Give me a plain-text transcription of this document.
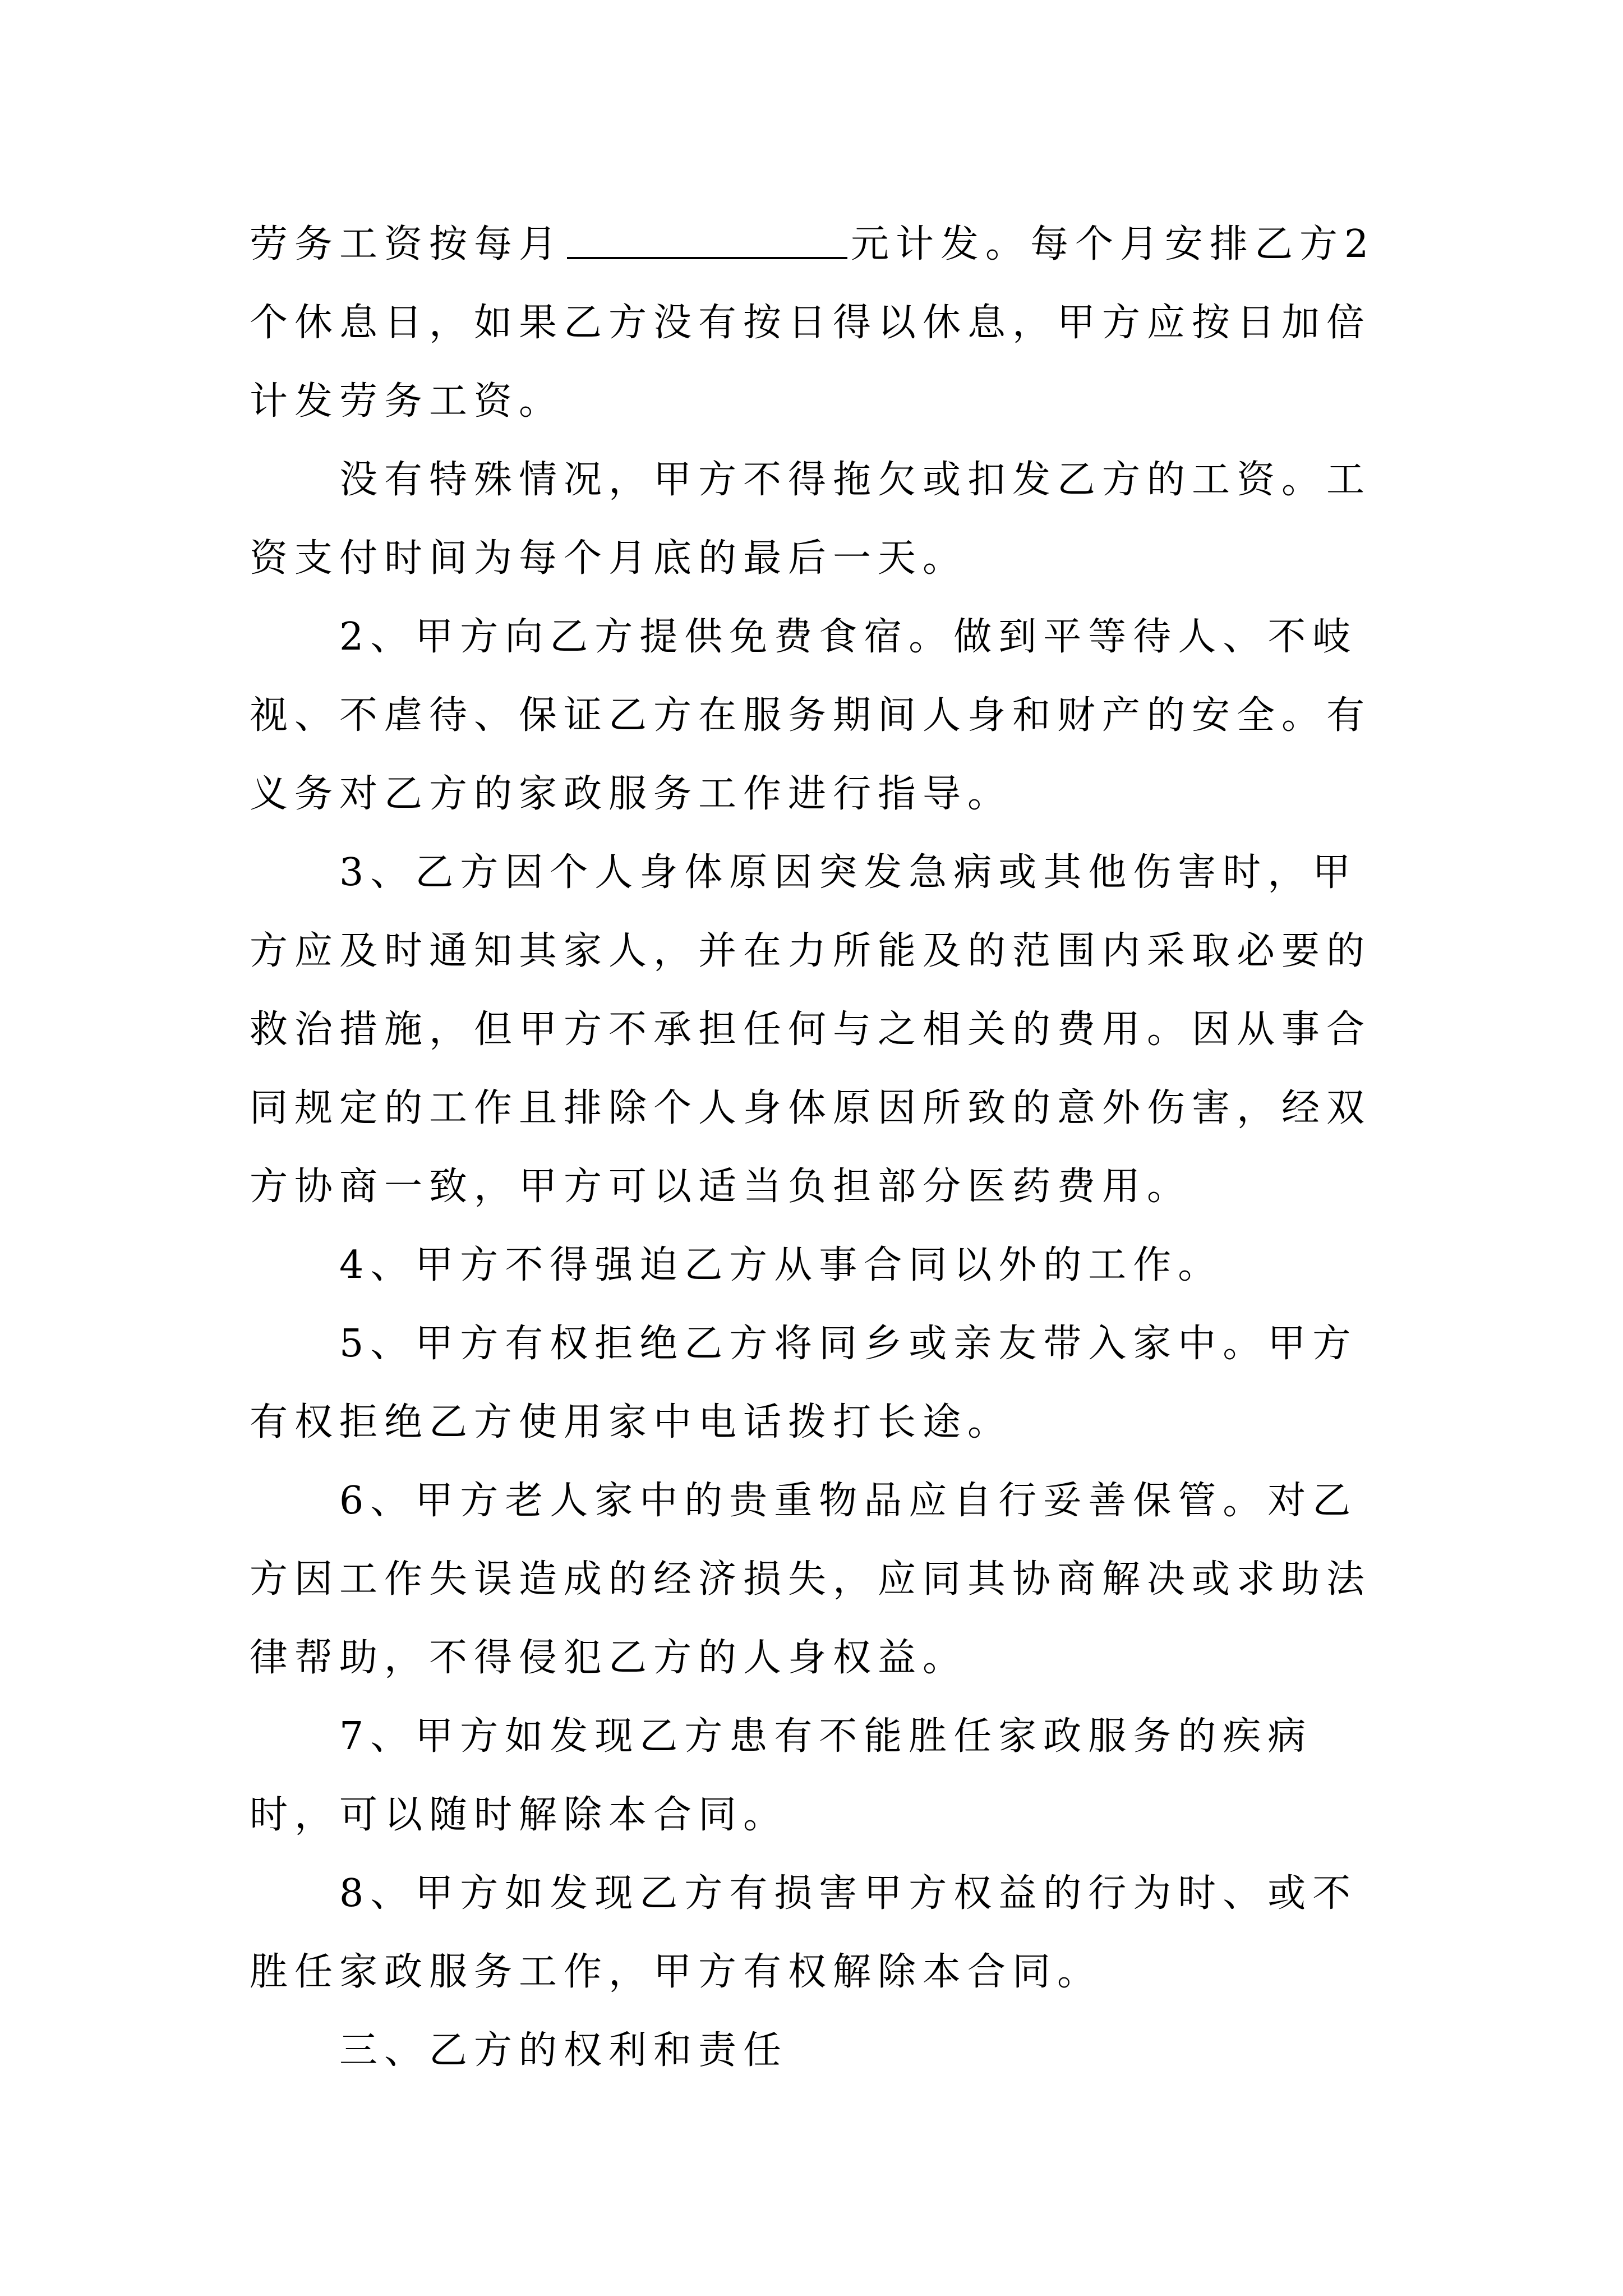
劳务工资按每月	元计发。每个月安排乙方2个休息日，如果乙方没有按日得以休息，甲方应按日加倍计发劳务工资。

没有特殊情况，甲方不得拖欠或扣发乙方的工资。工资支付时间为每个月底的最后一天。

2、甲方向乙方提供免费食宿。做到平等待人、不岐视、不虐待、保证乙方在服务期间人身和财产的安全。有义务对乙方的家政服务工作进行指导。

3、乙方因个人身体原因突发急病或其他伤害时，甲方应及时通知其家人，并在力所能及的范围内采取必要的救治措施，但甲方不承担任何与之相关的费用。因从事合同规定的工作且排除个人身体原因所致的意外伤害，经双方协商一致，甲方可以适当负担部分医药费用。

4、甲方不得强迫乙方从事合同以外的工作。

5、甲方有权拒绝乙方将同乡或亲友带入家中。甲方有权拒绝乙方使用家中电话拨打长途。

6、甲方老人家中的贵重物品应自行妥善保管。对乙方因工作失误造成的经济损失，应同其协商解决或求助法律帮助，不得侵犯乙方的人身权益。

7、甲方如发现乙方患有不能胜任家政服务的疾病时，可以随时解除本合同。

8、甲方如发现乙方有损害甲方权益的行为时、或不胜任家政服务工作，甲方有权解除本合同。

三、乙方的权利和责任
